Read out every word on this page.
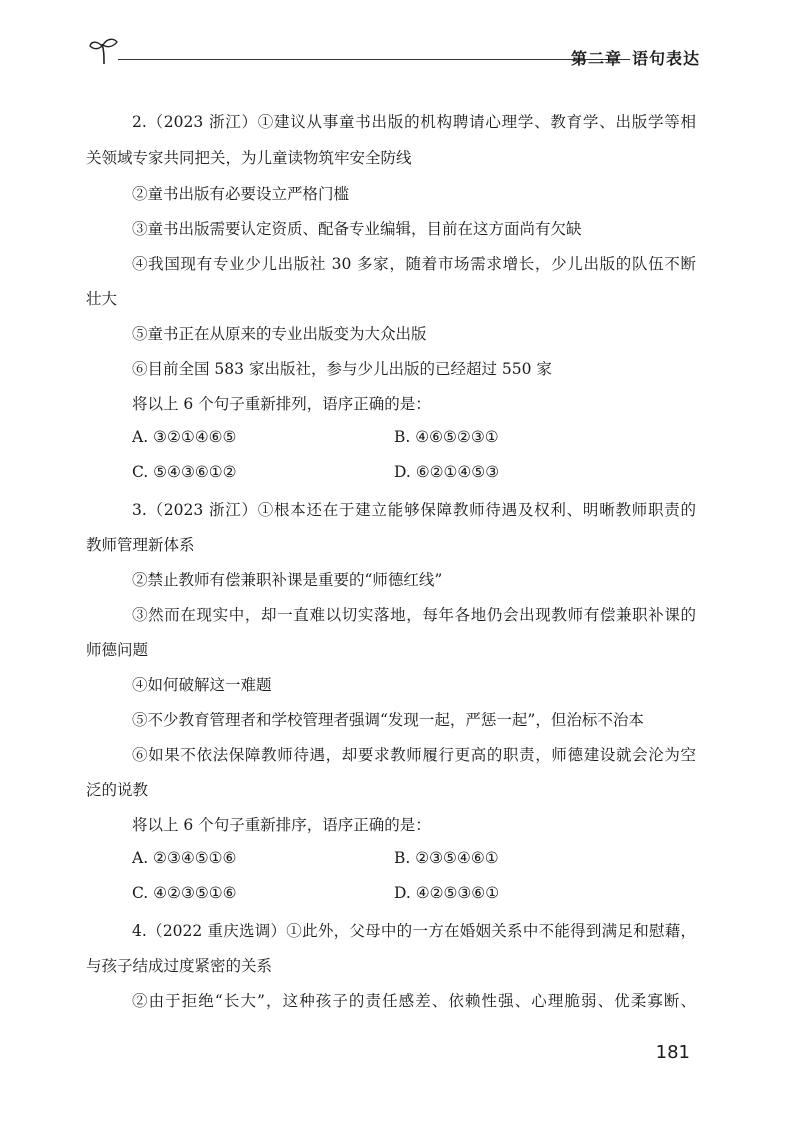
第二章 语句表达
2.（2023 浙江）①建议从事童书出版的机构聘请心理学、教育学、出版学等相
关领域专家共同把关，为儿童读物筑牢安全防线
②童书出版有必要设立严格门槛
③童书出版需要认定资质、配备专业编辑，目前在这方面尚有欠缺
④我国现有专业少儿出版社 30 多家，随着市场需求增长，少儿出版的队伍不断
壮大
⑤童书正在从原来的专业出版变为大众出版
⑥目前全国 583 家出版社，参与少儿出版的已经超过 550 家
将以上 6 个句子重新排列，语序正确的是：
A. ③②①④⑥⑤	B. ④⑥⑤②③①
C. ⑤④③⑥①②	D. ⑥②①④⑤③
3.（2023 浙江）①根本还在于建立能够保障教师待遇及权利、明晰教师职责的
教师管理新体系
②禁止教师有偿兼职补课是重要的“师德红线”
③然而在现实中，却一直难以切实落地，每年各地仍会出现教师有偿兼职补课的
师德问题
④如何破解这一难题
⑤不少教育管理者和学校管理者强调“发现一起，严惩一起”，但治标不治本
⑥如果不依法保障教师待遇，却要求教师履行更高的职责，师德建设就会沦为空
泛的说教
将以上 6 个句子重新排序，语序正确的是：
A. ②③④⑤①⑥	B. ②③⑤④⑥①
C. ④②③⑤①⑥	D. ④②⑤③⑥①
4.（2022 重庆选调）①此外，父母中的一方在婚姻关系中不能得到满足和慰藉，
与孩子结成过度紧密的关系
②由于拒绝“长大”，这种孩子的责任感差、依赖性强、心理脆弱、优柔寡断、
181
